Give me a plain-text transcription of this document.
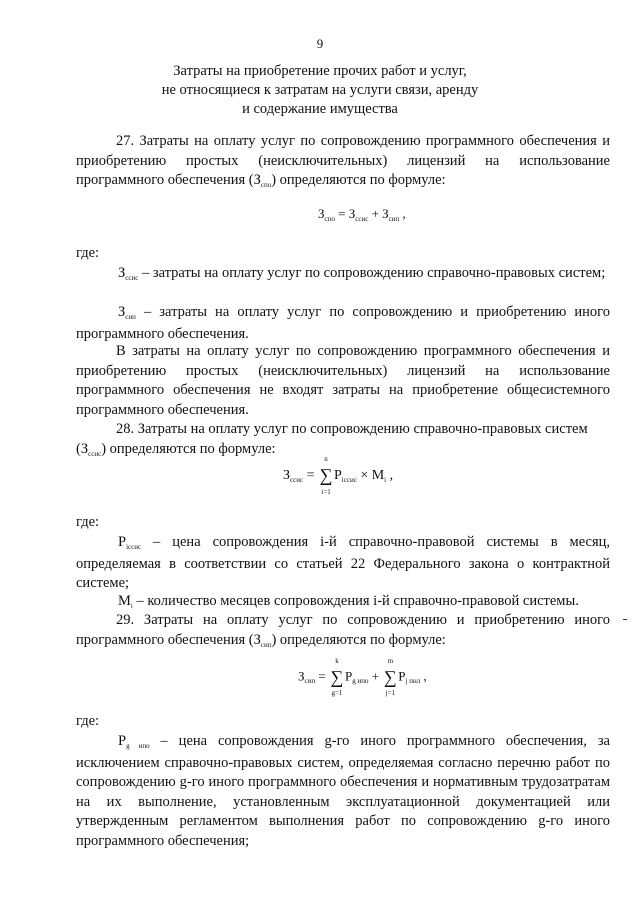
9
Затраты на приобретение прочих работ и услуг,
не относящиеся к затратам на услуги связи, аренду
и содержание имущества
27. Затраты на оплату услуг по сопровождению программного обеспечения и приобретению простых (неисключительных) лицензий на использование программного обеспечения $(З_{спо})$ определяются по формуле:
$З_{спо} = З_{ссис} + З_{сип}$ ,
где:
$З_{ссис}$ – затраты на оплату услуг по сопровождению справочно-правовых систем;
$З_{сип}$ – затраты на оплату услуг по сопровождению и приобретению иного программного обеспечения.
В затраты на оплату услуг по сопровождению программного обеспечения и приобретению простых (неисключительных) лицензий на использование программного обеспечения не входят затраты на приобретение общесистемного программного обеспечения.
28. Затраты на оплату услуг по сопровождению справочно-правовых систем
$(З_{ссис})$ определяются по формуле:
$З_{ссис}$ =
n
∑
i=1
$P_{iссис} \times M_i$ ,
где:
$P_{iссис}$ – цена сопровождения i-й справочно-правовой системы в месяц, определяемая в соответствии со статьей 22 Федерального закона о контрактной системе;
$M_i$ – количество месяцев сопровождения i-й справочно-правовой системы.
29. Затраты на оплату услуг по сопровождению и приобретению иного программного обеспечения $(З_{сип})$ определяются по формуле:
$З_{сип}$ =
k
∑
g=1
$P_{g ипо}$ +
m
∑
j=1
$P_{j пнл}$ ,
где:
$P_{g ипо}$ – цена сопровождения g-го иного программного обеспечения, за исключением справочно-правовых систем, определяемая согласно перечню работ по сопровождению g-го иного программного обеспечения и нормативным трудозатратам на их выполнение, установленным эксплуатационной документацией или утвержденным регламентом выполнения работ по сопровождению g-го иного программного обеспечения;
